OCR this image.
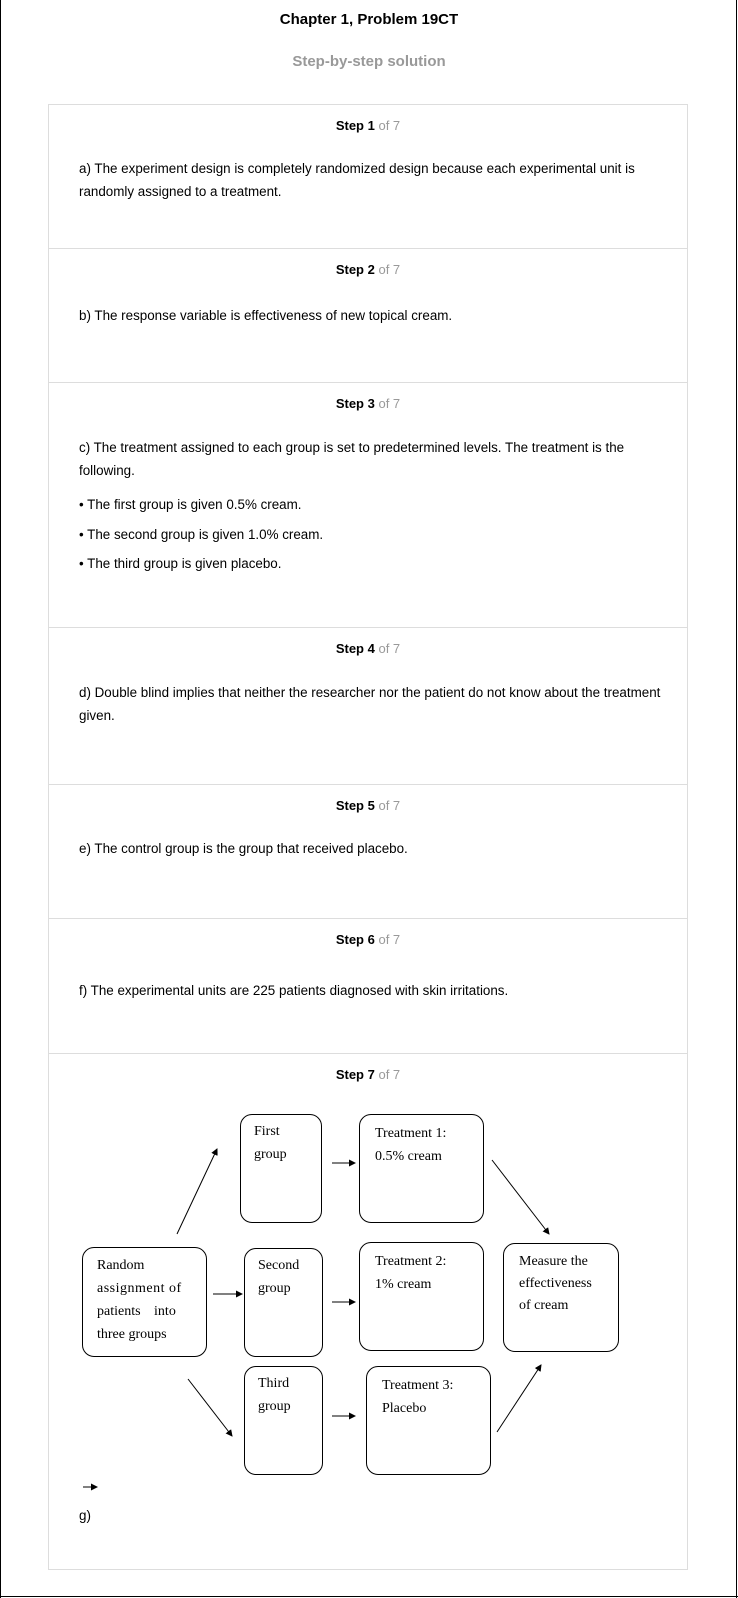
Chapter 1, Problem 19CT
Step-by-step solution
Step 1 of 7
a) The experiment design is completely randomized design because each experimental unit is randomly assigned to a treatment.
Step 2 of 7
b) The response variable is effectiveness of new topical cream.
Step 3 of 7
c) The treatment assigned to each group is set to predetermined levels. The treatment is the following.
• The first group is given 0.5% cream.
• The second group is given 1.0% cream.
• The third group is given placebo.
Step 4 of 7
d) Double blind implies that neither the researcher nor the patient do not know about the treatment given.
Step 5 of 7
e) The control group is the group that received placebo.
Step 6 of 7
f) The experimental units are 225 patients diagnosed with skin irritations.
Step 7 of 7
Random
assignment of
patients into
three groups
First
group
Second
group
Third
group
Treatment 1:
0.5% cream
Treatment 2:
1% cream
Treatment 3:
Placebo
Measure the
effectiveness
of cream
g)
